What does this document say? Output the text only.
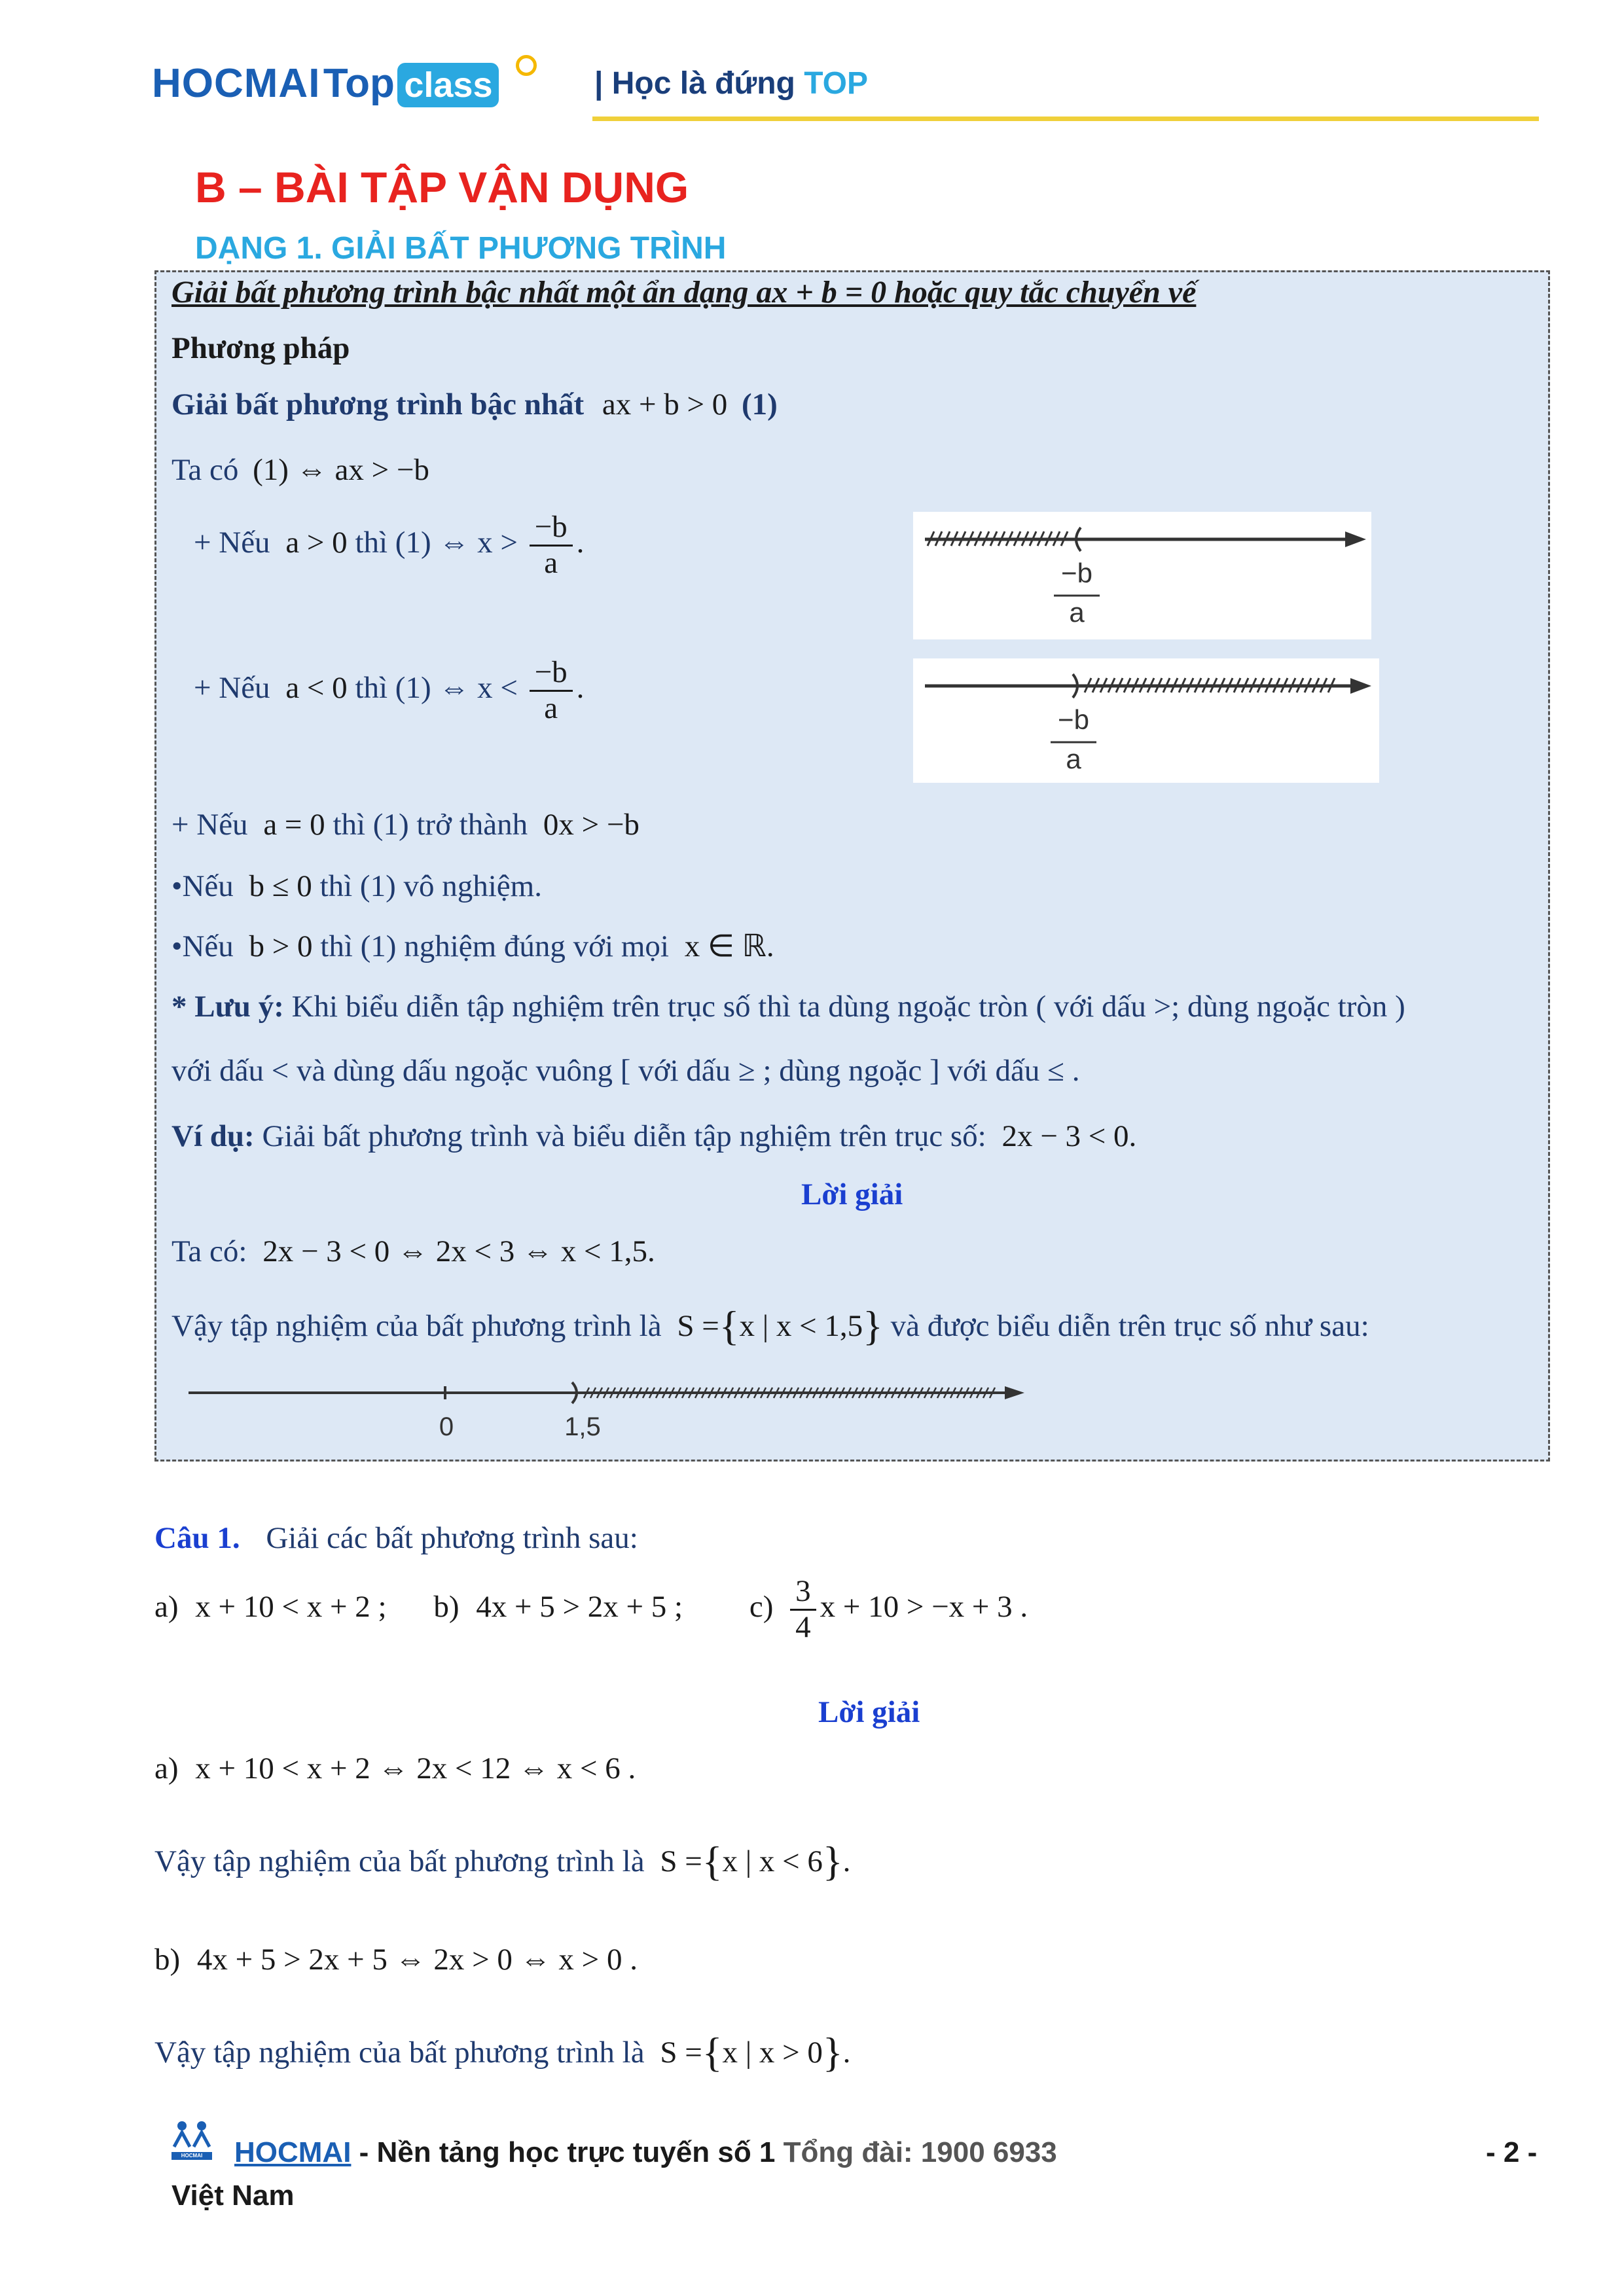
HOCMAI Top class	| Học là đứng TOP
B – BÀI TẬP VẬN DỤNG
DẠNG 1. GIẢI BẤT PHƯƠNG TRÌNH
Giải bất phương trình bậc nhất một ẩn dạng ax + b = 0 hoặc quy tắc chuyển vế
Phương pháp
Giải bất phương trình bậc nhất ax + b > 0 (1)
Ta có (1) ⇔ ax > −b
+ Nếu a > 0 thì (1) ⇔ $x > \frac{-b}{a}$ .
−b
a
+ Nếu a < 0 thì (1) ⇔ $x < \frac{-b}{a}$ .
−b
a
+ Nếu a = 0 thì (1) trở thành 0x > −b
•Nếu b ≤ 0 thì (1) vô nghiệm.
•Nếu b > 0 thì (1) nghiệm đúng với mọi x ∈ ℝ.
* Lưu ý: Khi biểu diễn tập nghiệm trên trục số thì ta dùng ngoặc tròn ( với dấu >; dùng ngoặc tròn )
với dấu < và dùng dấu ngoặc vuông [ với dấu ≥ ; dùng ngoặc ] với dấu ≤ .
Ví dụ: Giải bất phương trình và biểu diễn tập nghiệm trên trục số: 2x − 3 < 0.
Lời giải
Ta có: 2x − 3 < 0 ⇔ 2x < 3 ⇔ x < 1,5.
Vậy tập nghiệm của bất phương trình là S ={x | x < 1,5} và được biểu diễn trên trục số như sau:
0	1,5
Câu 1. Giải các bất phương trình sau:
a) x + 10 < x + 2 ; b) 4x + 5 > 2x + 5 ; $c) \frac{3}{4}$ x + 10 > −x + 3 .
Lời giải
a) x + 10 < x + 2 ⇔ 2x < 12 ⇔ x < 6 .
Vậy tập nghiệm của bất phương trình là S ={x | x < 6}.
b) 4x + 5 > 2x + 5 ⇔ 2x > 0 ⇔ x > 0 .
Vậy tập nghiệm của bất phương trình là S ={x | x > 0}.
HOCMAI HOCMAI - Nền tảng học trực tuyến số 1 Tổng đài: 1900 6933	- 2 -
Việt Nam
